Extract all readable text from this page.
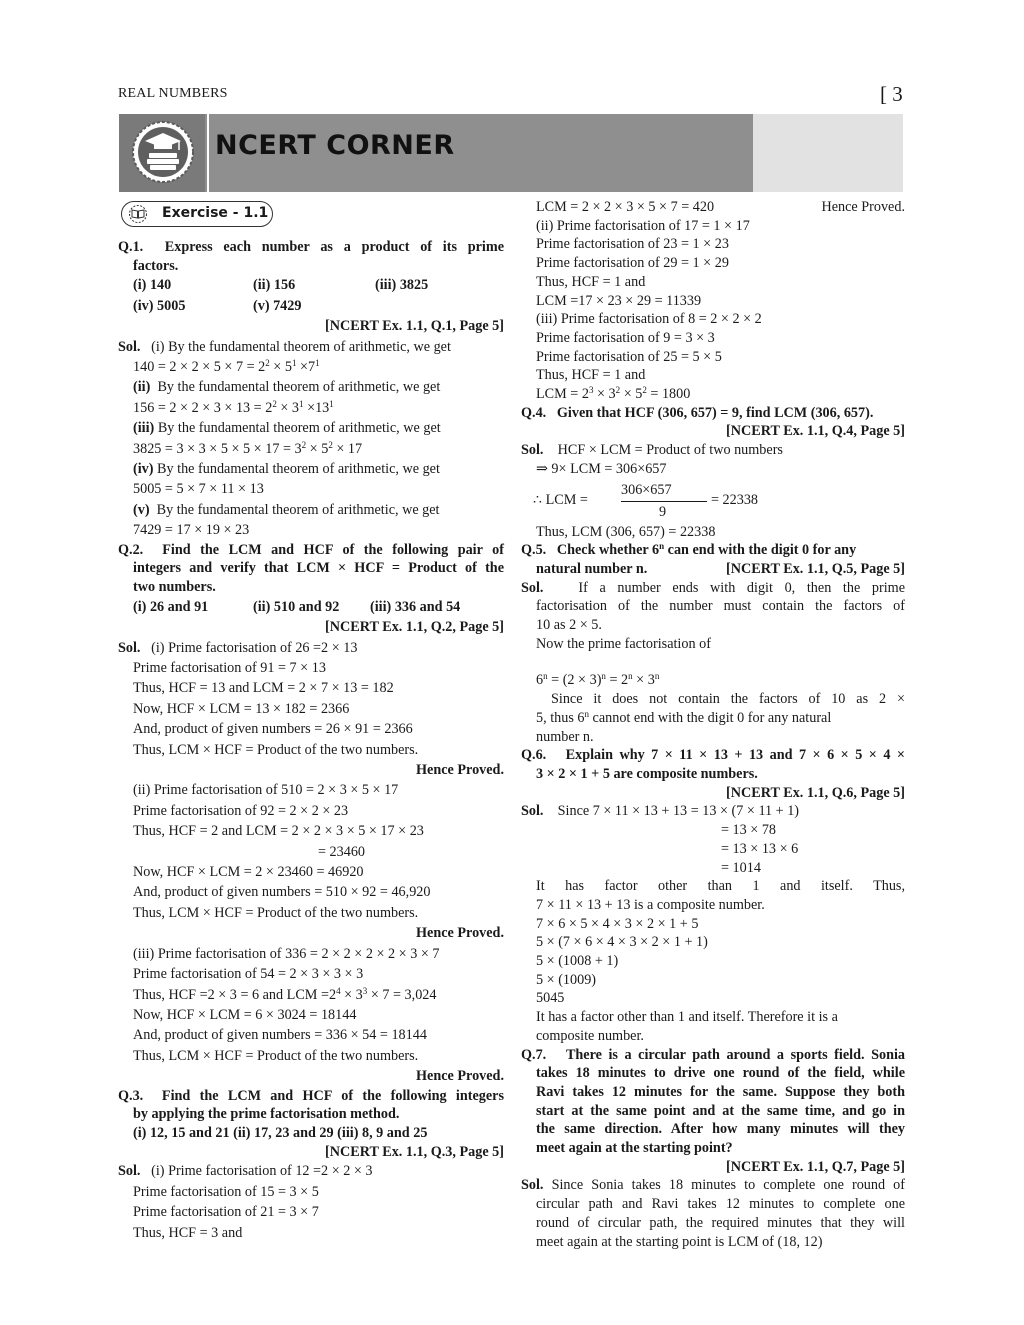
REAL NUMBERS	[ 3
NCERT CORNER
Exercise - 1.1
Q.1. Express each number as a product of its prime
factors.
(i) 140	(ii) 156	(iii) 3825
(iv) 5005	(v) 7429
[NCERT Ex. 1.1, Q.1, Page 5]
Sol. (i) By the fundamental theorem of arithmetic, we get
$140 = 2 \times 2 \times 5 \times 7 = 2^2 \times 5^1 \times 7^1$
(ii) By the fundamental theorem of arithmetic, we get
$156 = 2 \times 2 \times 3 \times 13 = 2^2 \times 3^1 \times 13^1$
(iii) By the fundamental theorem of arithmetic, we get
$3825 = 3 \times 3 \times 5 \times 5 \times 17 = 3^2 \times 5^2 \times 17$
(iv) By the fundamental theorem of arithmetic, we get
5005 = 5 × 7 × 11 × 13
(v) By the fundamental theorem of arithmetic, we get
7429 = 17 × 19 × 23
Q.2. Find the LCM and HCF of the following pair of
integers and verify that LCM × HCF = Product of the
two numbers.
(i) 26 and 91	(ii) 510 and 92	(iii) 336 and 54
[NCERT Ex. 1.1, Q.2, Page 5]
Sol. (i) Prime factorisation of 26 =2 × 13
Prime factorisation of 91 = 7 × 13
Thus, HCF = 13 and LCM = 2 × 7 × 13 = 182
Now, HCF × LCM = 13 × 182 = 2366
And, product of given numbers = 26 × 91 = 2366
Thus, LCM × HCF = Product of the two numbers.
Hence Proved.
(ii) Prime factorisation of 510 = 2 × 3 × 5 × 17
Prime factorisation of 92 = 2 × 2 × 23
Thus, HCF = 2 and LCM = 2 × 2 × 3 × 5 × 17 × 23
= 23460
Now, HCF × LCM = 2 × 23460 = 46920
And, product of given numbers = 510 × 92 = 46,920
Thus, LCM × HCF = Product of the two numbers.
Hence Proved.
(iii) Prime factorisation of 336 = 2 × 2 × 2 × 2 × 3 × 7
Prime factorisation of 54 = 2 × 3 × 3 × 3
Thus, HCF =2 × 3 = 6 and LCM $=2^4 \times 3^3 \times 7 = 3,024$
Now, HCF × LCM = 6 × 3024 = 18144
And, product of given numbers = 336 × 54 = 18144
Thus, LCM × HCF = Product of the two numbers.
Hence Proved.
Q.3. Find the LCM and HCF of the following integers
by applying the prime factorisation method.
(i) 12, 15 and 21 (ii) 17, 23 and 29 (iii) 8, 9 and 25
[NCERT Ex. 1.1, Q.3, Page 5]
Sol. (i) Prime factorisation of 12 =2 × 2 × 3
Prime factorisation of 15 = 3 × 5
Prime factorisation of 21 = 3 × 7
Thus, HCF = 3 and
LCM = 2 × 2 × 3 × 5 × 7 = 420	Hence Proved.
(ii) Prime factorisation of 17 = 1 × 17
Prime factorisation of 23 = 1 × 23
Prime factorisation of 29 = 1 × 29
Thus, HCF = 1 and
LCM =17 × 23 × 29 = 11339
(iii) Prime factorisation of 8 = 2 × 2 × 2
Prime factorisation of 9 = 3 × 3
Prime factorisation of 25 = 5 × 5
Thus, HCF = 1 and
LCM = $2^3 \times 3^2 \times 5^2 = 1800$
Q.4. Given that HCF (306, 657) = 9, find LCM (306, 657).
[NCERT Ex. 1.1, Q.4, Page 5]
Sol. HCF × LCM = Product of two numbers
⇒ 9× LCM = 306×657
∴ LCM =
306×657
9
= 22338
Thus, LCM (306, 657) = 22338
Q.5. Check whether 6$^n$ can end with the digit 0 for any
natural number n.	[NCERT Ex. 1.1, Q.5, Page 5]
Sol. If a number ends with digit 0, then the prime
factorisation of the number must contain the factors of
10 as 2 × 5.
Now the prime factorisation of
$6^n = (2 \times 3)^n = 2^n \times 3^n$
Since it does not contain the factors of 10 as 2 ×
5, thus 6$^n$ cannot end with the digit 0 for any natural
number n.
Q.6. Explain why 7 × 11 × 13 + 13 and 7 × 6 × 5 × 4 ×
3 × 2 × 1 + 5 are composite numbers.
[NCERT Ex. 1.1, Q.6, Page 5]
Sol. Since 7 × 11 × 13 + 13 = 13 × (7 × 11 + 1)
= 13 × 78
= 13 × 13 × 6
= 1014
It has factor other than 1 and itself. Thus,
7 × 11 × 13 + 13 is a composite number.
7 × 6 × 5 × 4 × 3 × 2 × 1 + 5
5 × (7 × 6 × 4 × 3 × 2 × 1 + 1)
5 × (1008 + 1)
5 × (1009)
5045
It has a factor other than 1 and itself. Therefore it is a
composite number.
Q.7. There is a circular path around a sports field. Sonia
takes 18 minutes to drive one round of the field, while
Ravi takes 12 minutes for the same. Suppose they both
start at the same point and at the same time, and go in
the same direction. After how many minutes will they
meet again at the starting point?
[NCERT Ex. 1.1, Q.7, Page 5]
Sol. Since Sonia takes 18 minutes to complete one round of
circular path and Ravi takes 12 minutes to complete one
round of circular path, the required minutes that they will
meet again at the starting point is LCM of (18, 12)
